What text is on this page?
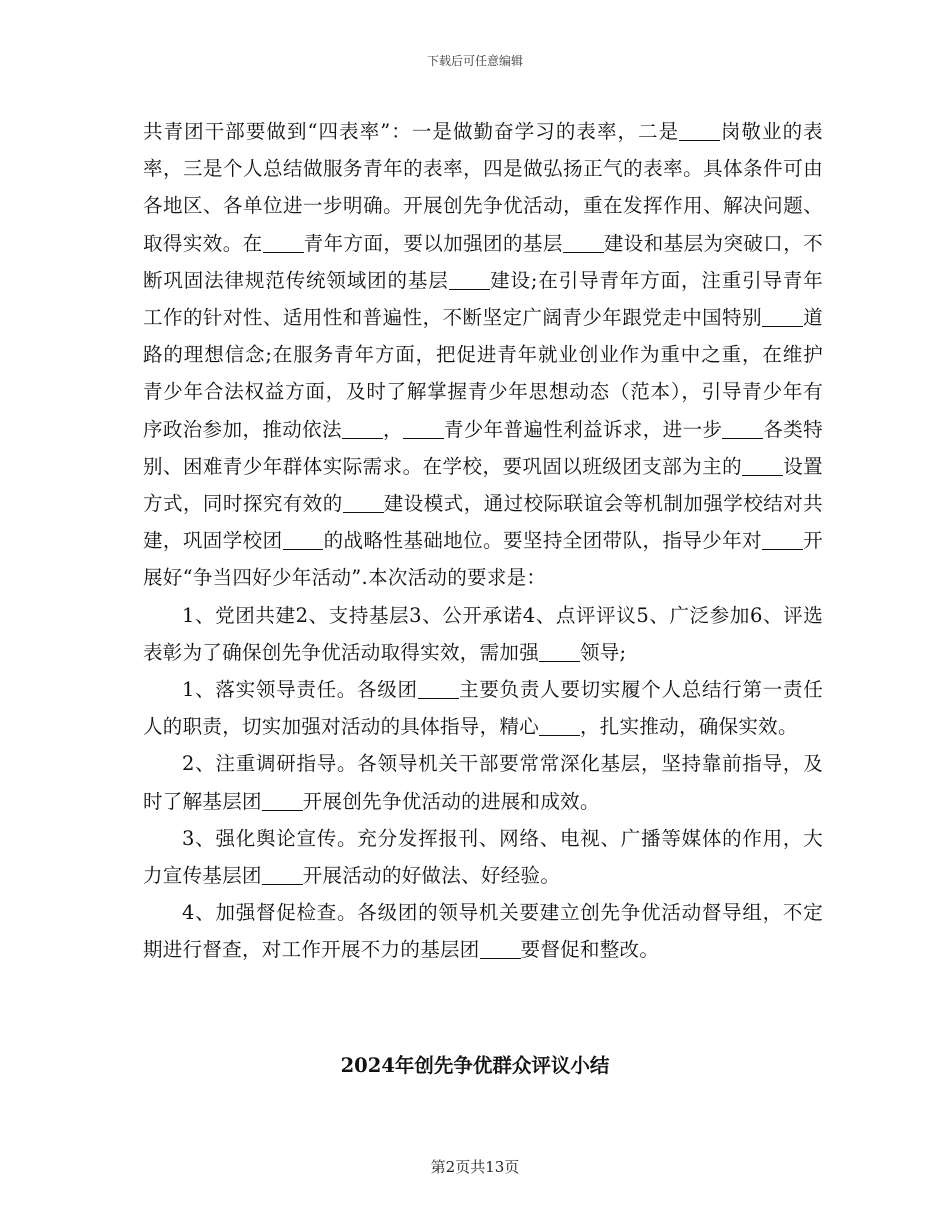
下载后可任意编辑

共青团干部要做到“四表率”：一是做勤奋学习的表率，二是 岗敬业的表率，三是个人总结做服务青年的表率，四是做弘扬正气的表率。具体条件可由各地区、各单位进一步明确。开展创先争优活动，重在发挥作用、解决问题、取得实效。在 青年方面，要以加强团的基层 建设和基层为突破口，不断巩固法律规范传统领域团的基层 建设;在引导青年方面，注重引导青年工作的针对性、适用性和普遍性，不断坚定广阔青少年跟党走中国特别 道路的理想信念;在服务青年方面，把促进青年就业创业作为重中之重，在维护青少年合法权益方面，及时了解掌握青少年思想动态（范本），引导青少年有序政治参加，推动依法 ， 青少年普遍性利益诉求，进一步 各类特别、困难青少年群体实际需求。在学校，要巩固以班级团支部为主的 设置方式，同时探究有效的 建设模式，通过校际联谊会等机制加强学校结对共建，巩固学校团 的战略性基础地位。要坚持全团带队，指导少年对 开展好“争当四好少年活动”.本次活动的要求是：

1、党团共建2、支持基层3、公开承诺4、点评评议5、广泛参加6、评选表彰为了确保创先争优活动取得实效，需加强 领导;

1、落实领导责任。各级团 主要负责人要切实履个人总结行第一责任人的职责，切实加强对活动的具体指导，精心 ，扎实推动，确保实效。

2、注重调研指导。各领导机关干部要常常深化基层，坚持靠前指导，及时了解基层团 开展创先争优活动的进展和成效。

3、强化舆论宣传。充分发挥报刊、网络、电视、广播等媒体的作用，大力宣传基层团 开展活动的好做法、好经验。

4、加强督促检查。各级团的领导机关要建立创先争优活动督导组，不定期进行督查，对工作开展不力的基层团 要督促和整改。

2024年创先争优群众评议小结
第2页共13页
